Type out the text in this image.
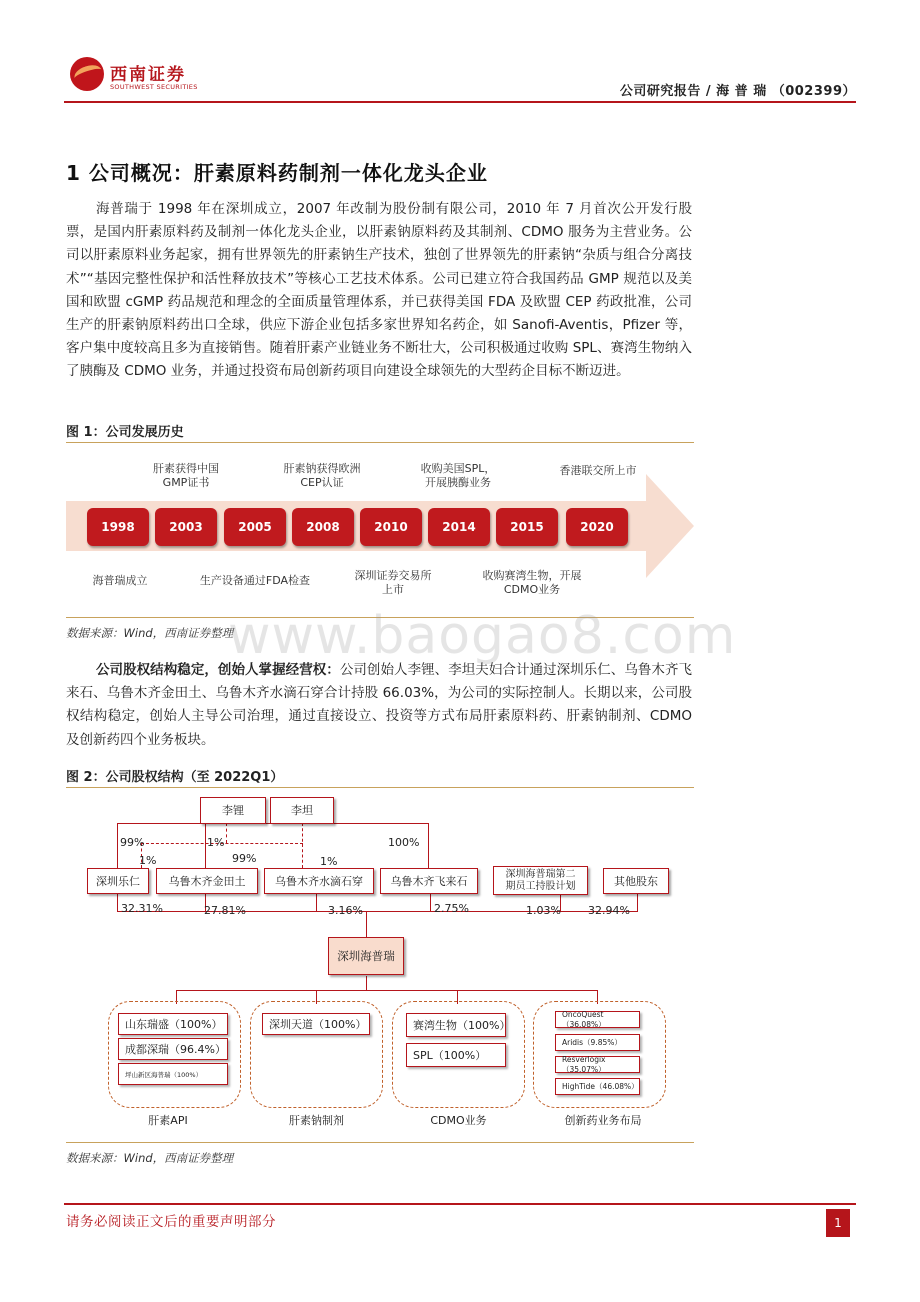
西南证券
SOUTHWEST SECURITIES	公司研究报告 / 海 普 瑞 （002399）
1 公司概况：肝素原料药制剂一体化龙头企业
海普瑞于 1998 年在深圳成立，2007 年改制为股份制有限公司，2010 年 7 月首次公开发行股票，是国内肝素原料药及制剂一体化龙头企业，以肝素钠原料药及其制剂、CDMO 服务为主营业务。公司以肝素原料业务起家，拥有世界领先的肝素钠生产技术，独创了世界领先的肝素钠“杂质与组合分离技术”“基因完整性保护和活性释放技术”等核心工艺技术体系。公司已建立符合我国药品 GMP 规范以及美国和欧盟 cGMP 药品规范和理念的全面质量管理体系，并已获得美国 FDA 及欧盟 CEP 药政批准，公司生产的肝素钠原料药出口全球，供应下游企业包括多家世界知名药企，如 Sanofi-Aventis，Pfizer 等，客户集中度较高且多为直接销售。随着肝素产业链业务不断壮大，公司积极通过收购 SPL、赛湾生物纳入了胰酶及 CDMO 业务，并通过投资布局创新药项目向建设全球领先的大型药企目标不断迈进。
图 1：公司发展历史
肝素获得中国
GMP证书
肝素钠获得欧洲
CEP认证
收购美国SPL，
开展胰酶业务
香港联交所上市
1998	2003	2005	2008	2010	2014	2015	2020
海普瑞成立	生产设备通过FDA检查	深圳证券交易所
上市
收购赛湾生物，开展
CDMO业务
数据来源：Wind，西南证券整理
www.baogao8.com
公司股权结构稳定，创始人掌握经营权：公司创始人李锂、李坦夫妇合计通过深圳乐仁、乌鲁木齐飞来石、乌鲁木齐金田土、乌鲁木齐水滴石穿合计持股 66.03%，为公司的实际控制人。长期以来，公司股权结构稳定，创始人主导公司治理，通过直接设立、投资等方式布局肝素原料药、肝素钠制剂、CDMO 及创新药四个业务板块。
图 2：公司股权结构（至 2022Q1）
李锂	李坦
99%	1%
1%	99%	1%
100%
深圳乐仁	乌鲁木齐金田土	乌鲁木齐水滴石穿	乌鲁木齐飞来石
深圳海普瑞第二
期员工持股计划	其他股东
32.31%	27.81%	3.16%	2.75%	1.03% 32.94%
深圳海普瑞
山东瑞盛（100%）
成都深瑞（96.4%）
坪山新区海普瑞（100%）
深圳天道（100%）	赛湾生物（100%）
SPL（100%）
OncoQuest（36.08%）
Aridis（9.85%）
Resverlogix（35.07%）
HighTide（46.08%）
肝素API	肝素钠制剂	CDMO业务	创新药业务布局
数据来源：Wind，西南证券整理
请务必阅读正文后的重要声明部分	1
